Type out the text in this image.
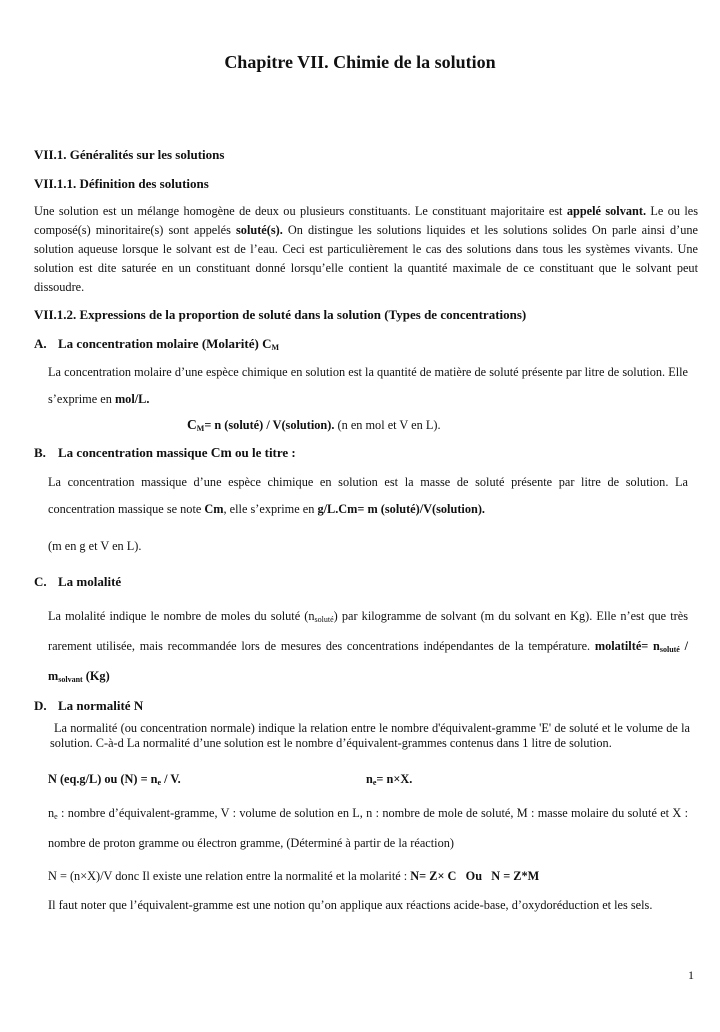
Chapitre VII. Chimie de la solution
VII.1. Généralités sur les solutions
VII.1.1. Définition des solutions
Une solution est un mélange homogène de deux ou plusieurs constituants. Le constituant majoritaire est appelé solvant. Le ou les composé(s) minoritaire(s) sont appelés soluté(s). On distingue les solutions liquides et les solutions solides On parle ainsi d’une solution aqueuse lorsque le solvant est de l’eau. Ceci est particulièrement le cas des solutions dans tous les systèmes vivants. Une solution est dite saturée en un constituant donné lorsqu’elle contient la quantité maximale de ce constituant que le solvant peut dissoudre.
VII.1.2. Expressions de la proportion de soluté dans la solution (Types de concentrations)
A. La concentration molaire (Molarité) $C_M$
La concentration molaire d’une espèce chimique en solution est la quantité de matière de soluté présente par litre de solution. Elle s’exprime en mol/L.
$C_M= n$ (soluté) / V(solution). (n en mol et V en L).
B. La concentration massique Cm ou le titre :
La concentration massique d’une espèce chimique en solution est la masse de soluté présente par litre de solution. La concentration massique se note Cm, elle s’exprime en g/L.Cm= m (soluté)/V(solution).
(m en g et V en L).
C. La molalité
La molalité indique le nombre de moles du soluté $(n_{soluté})$ par kilogramme de solvant (m du solvant en Kg). Elle n’est que très rarement utilisée, mais recommandée lors de mesures des concentrations indépendantes de la température. molatilté= $n_{soluté} / m_{solvant}$ (Kg)
D. La normalité N
La normalité (ou concentration normale) indique la relation entre le nombre d'équivalent-gramme 'E' de soluté et le volume de la solution. C-à-d La normalité d’une solution est le nombre d’équivalent-grammes contenus dans 1 litre de solution.
N (eq.g/L) ou $(N) = n_e / V$.	$n_e= n\times X$.
$n_e$ : nombre d’équivalent-gramme, V : volume de solution en L, n : nombre de mole de soluté, M : masse molaire du soluté et X : nombre de proton gramme ou électron gramme, (Déterminé à partir de la réaction)
N = (n×X)/V donc Il existe une relation entre la normalité et la molarité : N= Z× C   Ou   N = Z*M
Il faut noter que l’équivalent-gramme est une notion qu’on applique aux réactions acide-base, d’oxydoréduction et les sels.
1
